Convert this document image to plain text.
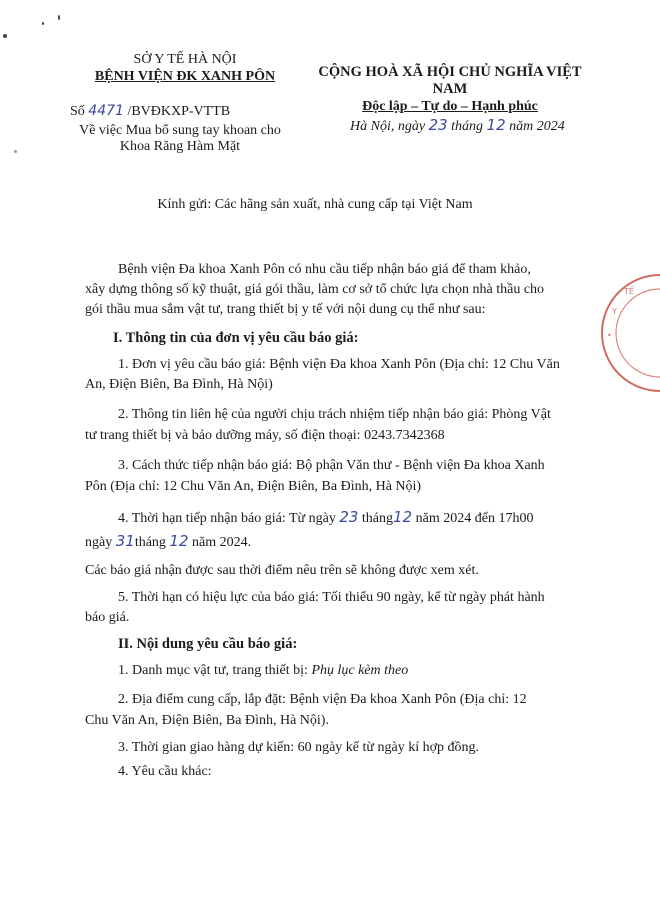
SỞ Y TẾ HÀ NỘI
BỆNH VIỆN ĐK XANH PÔN	CỘNG HOÀ XÃ HỘI CHỦ NGHĨA VIỆT NAM
Độc lập – Tự do – Hạnh phúc
Số 4471 /BVĐKXP-VTTB
Về việc Mua bổ sung tay khoan cho
Khoa Răng Hàm Mặt
Hà Nội, ngày 23 tháng 12 năm 2024
Kính gửi: Các hãng sản xuất, nhà cung cấp tại Việt Nam
Bệnh viện Đa khoa Xanh Pôn có nhu cầu tiếp nhận báo giá để tham khảo,
xây dựng thông số kỹ thuật, giá gói thầu, làm cơ sở tổ chức lựa chọn nhà thầu cho
gói thầu mua sắm vật tư, trang thiết bị y tế với nội dung cụ thể như sau:
I. Thông tin của đơn vị yêu cầu báo giá:
1. Đơn vị yêu cầu báo giá: Bệnh viện Đa khoa Xanh Pôn (Địa chỉ: 12 Chu Văn
An, Điện Biên, Ba Đình, Hà Nội)
2. Thông tin liên hệ của người chịu trách nhiệm tiếp nhận báo giá: Phòng Vật
tư trang thiết bị và bảo dưỡng máy, số điện thoại: 0243.7342368
3. Cách thức tiếp nhận báo giá: Bộ phận Văn thư - Bệnh viện Đa khoa Xanh
Pôn (Địa chỉ: 12 Chu Văn An, Điện Biên, Ba Đình, Hà Nội)
4. Thời hạn tiếp nhận báo giá: Từ ngày 23 tháng12 năm 2024 đến 17h00
ngày 31tháng 12 năm 2024.
Các báo giá nhận được sau thời điểm nêu trên sẽ không được xem xét.
5. Thời hạn có hiệu lực của báo giá: Tối thiểu 90 ngày, kể từ ngày phát hành
báo giá.
II. Nội dung yêu cầu báo giá:
1. Danh mục vật tư, trang thiết bị: Phụ lục kèm theo
2. Địa điểm cung cấp, lắp đặt: Bệnh viện Đa khoa Xanh Pôn (Địa chỉ: 12
Chu Văn An, Điện Biên, Ba Đình, Hà Nội).
3. Thời gian giao hàng dự kiến: 60 ngày kể từ ngày kí hợp đồng.
4. Yêu cầu khác:
Y
TẾ
•
